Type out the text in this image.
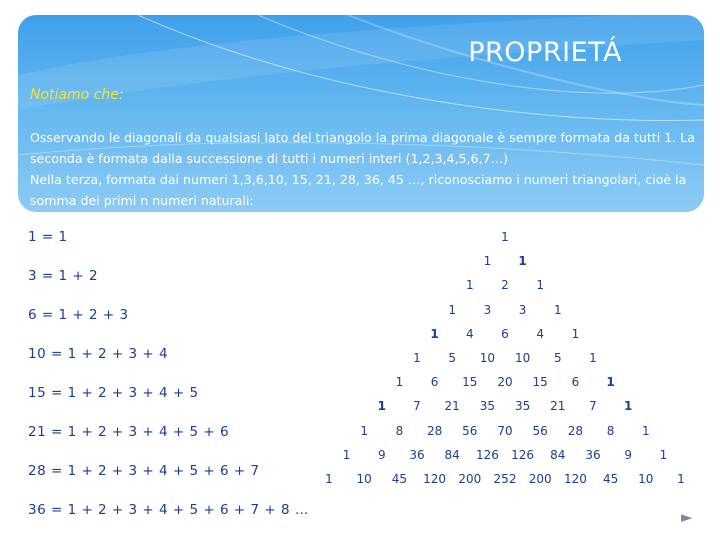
PROPRIETÁ
Notiamo che:

Osservando le diagonali da qualsiasi lato del triangolo la prima diagonale è sempre formata da tutti 1. La seconda è formata dalla successione di tutti i numeri interi (1,2,3,4,5,6,7…)

Nella terza, formata dai numeri 1,3,6,10, 15, 21, 28, 36, 45 …, riconosciamo i numeri triangolari, cioè la somma dei primi n numeri naturali:

1 = 1
3 = 1 + 2
6 = 1 + 2 + 3
10 = 1 + 2 + 3 + 4
15 = 1 + 2 + 3 + 4 + 5
21 = 1 + 2 + 3 + 4 + 5 + 6
28 = 1 + 2 + 3 + 4 + 5 + 6 + 7
36 = 1 + 2 + 3 + 4 + 5 + 6 + 7 + 8 …
1
1	1
1	2	1
1	3	3	1
1	4	6	4	1
1	5	10	10	5	1
1	6	15	20	15	6	1
1	7	21	35	35	21	7	1
1	8	28	56	70	56	28	8	1
1	9	36	84	126	126	84	36	9	1
1	10	45	120	200	252	200	120	45	10	1
►
